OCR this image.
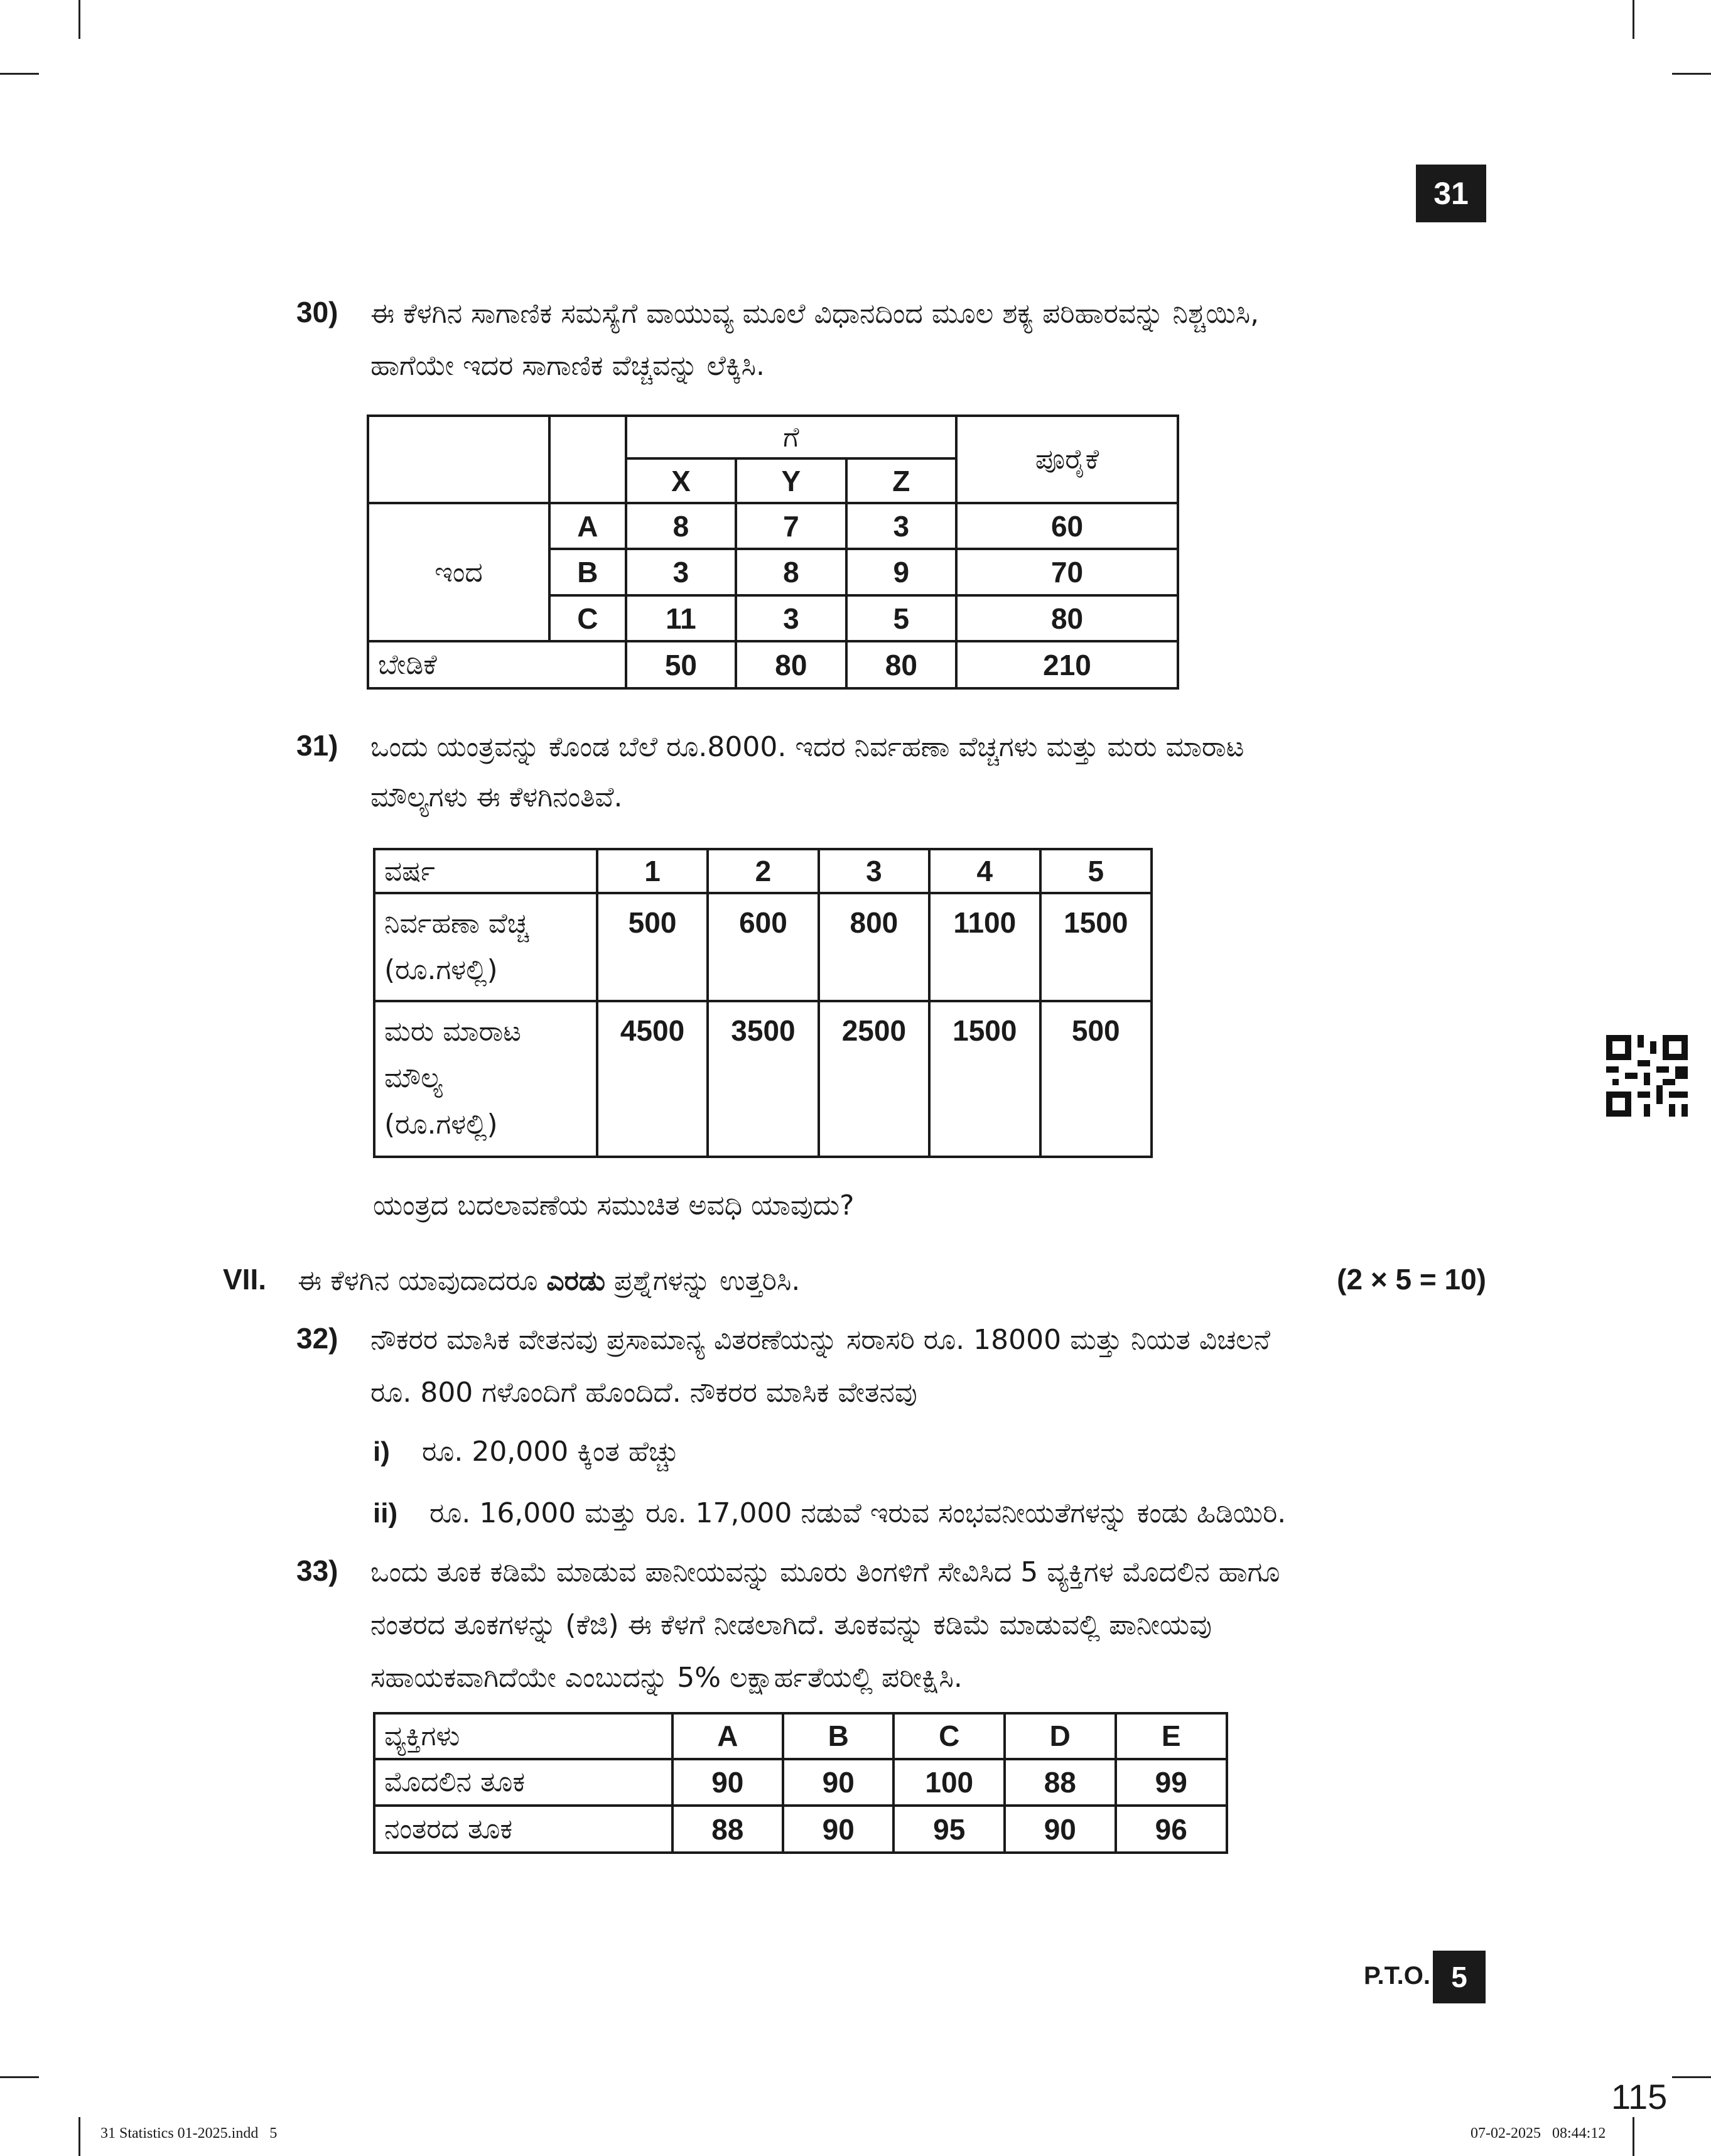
31
30) ಈ ಕೆಳಗಿನ ಸಾಗಾಣಿಕ ಸಮಸ್ಯೆಗೆ ವಾಯುವ್ಯ ಮೂಲೆ ವಿಧಾನದಿಂದ ಮೂಲ ಶಕ್ಯ ಪರಿಹಾರವನ್ನು ನಿಶ್ಚಯಿಸಿ,
ಹಾಗೆಯೇ ಇದರ ಸಾಗಾಣಿಕ ವೆಚ್ಚವನ್ನು ಲೆಕ್ಕಿಸಿ.
		ಗೆ			ಪೂರೈಕೆ
		X	Y	Z	
ಇಂದ	A	8	7	3	60
	B	3	8	9	70
	C	11	3	5	80
ಬೇಡಿಕೆ		50	80	80	210
31) ಒಂದು ಯಂತ್ರವನ್ನು ಕೊಂಡ ಬೆಲೆ ರೂ.8000. ಇದರ ನಿರ್ವಹಣಾ ವೆಚ್ಚಗಳು ಮತ್ತು ಮರು ಮಾರಾಟ
ಮೌಲ್ಯಗಳು ಈ ಕೆಳಗಿನಂತಿವೆ.
ವರ್ಷ	1	2	3	4	5

ನಿರ್ವಹಣಾ ವೆಚ್ಚ
(ರೂ.ಗಳಲ್ಲಿ)	500	600	800	1100	1500

ಮರು ಮಾರಾಟ
ಮೌಲ್ಯ
(ರೂ.ಗಳಲ್ಲಿ)	4500	3500	2500	1500	500
ಯಂತ್ರದ ಬದಲಾವಣೆಯ ಸಮುಚಿತ ಅವಧಿ ಯಾವುದು?
VII. ಈ ಕೆಳಗಿನ ಯಾವುದಾದರೂ ಎರಡು ಪ್ರಶ್ನೆಗಳನ್ನು ಉತ್ತರಿಸಿ.	(2 × 5 = 10)
32) ನೌಕರರ ಮಾಸಿಕ ವೇತನವು ಪ್ರಸಾಮಾನ್ಯ ವಿತರಣೆಯನ್ನು ಸರಾಸರಿ ರೂ. 18000 ಮತ್ತು ನಿಯತ ವಿಚಲನೆ
ರೂ. 800 ಗಳೊಂದಿಗೆ ಹೊಂದಿದೆ. ನೌಕರರ ಮಾಸಿಕ ವೇತನವು
i) ರೂ. 20,000 ಕ್ಕಿಂತ ಹೆಚ್ಚು
ii) ರೂ. 16,000 ಮತ್ತು ರೂ. 17,000 ನಡುವೆ ಇರುವ ಸಂಭವನೀಯತೆಗಳನ್ನು ಕಂಡು ಹಿಡಿಯಿರಿ.
33) ಒಂದು ತೂಕ ಕಡಿಮೆ ಮಾಡುವ ಪಾನೀಯವನ್ನು ಮೂರು ತಿಂಗಳಿಗೆ ಸೇವಿಸಿದ 5 ವ್ಯಕ್ತಿಗಳ ಮೊದಲಿನ ಹಾಗೂ
ನಂತರದ ತೂಕಗಳನ್ನು (ಕೆಜಿ) ಈ ಕೆಳಗೆ ನೀಡಲಾಗಿದೆ. ತೂಕವನ್ನು ಕಡಿಮೆ ಮಾಡುವಲ್ಲಿ ಪಾನೀಯವು
ಸಹಾಯಕವಾಗಿದೆಯೇ ಎಂಬುದನ್ನು 5% ಲಕ್ಷಾರ್ಹತೆಯಲ್ಲಿ ಪರೀಕ್ಷಿಸಿ.
ವ್ಯಕ್ತಿಗಳು	A	B	C	D	E
ಮೊದಲಿನ ತೂಕ	90	90	100	88	99
ನಂತರದ ತೂಕ	88	90	95	90	96
P.T.O. 5
115
31 Statistics 01-2025.indd   5	07-02-2025   08:44:12
